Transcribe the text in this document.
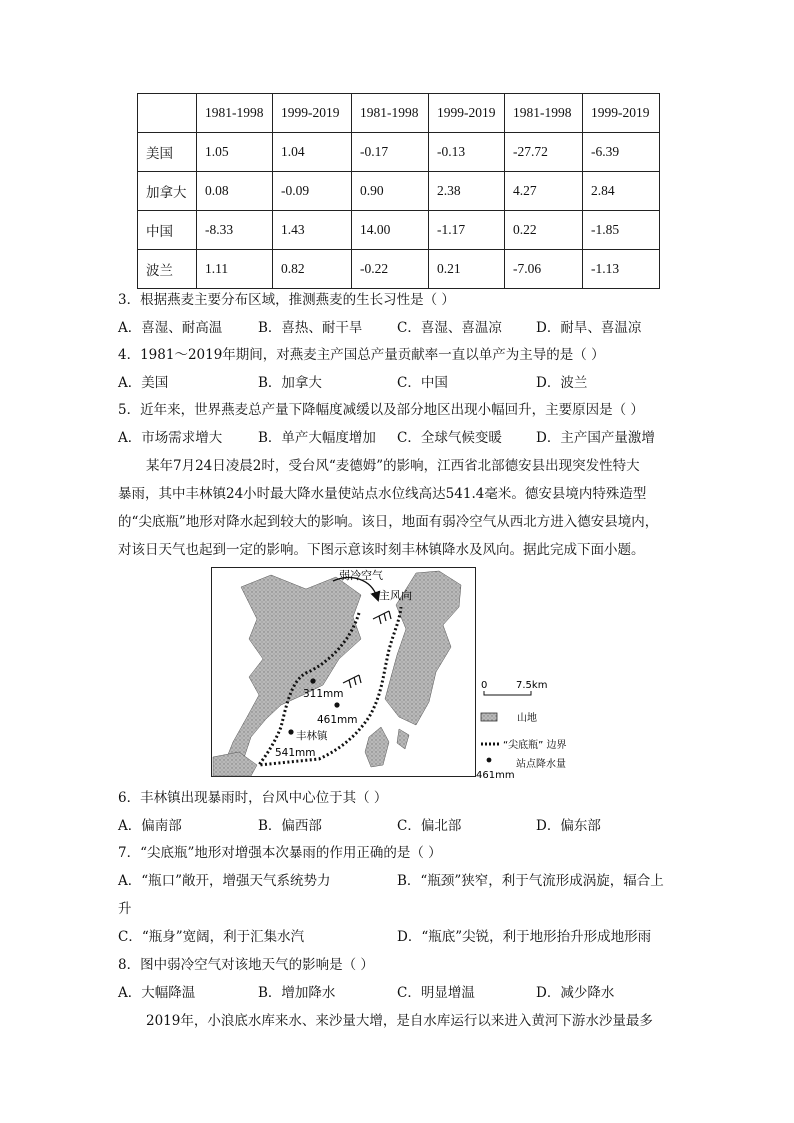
	1981-1998	1999-2019	1981-1998	1999-2019	1981-1998	1999-2019
美国	1.05	1.04	-0.17	-0.13	-27.72	-6.39
加拿大	0.08	-0.09	0.90	2.38	4.27	2.84
中国	-8.33	1.43	14.00	-1.17	0.22	-1.85
波兰	1.11	0.82	-0.22	0.21	-7.06	-1.13
3．根据燕麦主要分布区域，推测燕麦的生长习性是（ ）
A．喜湿、耐高温	B．喜热、耐干旱	C．喜湿、喜温凉	D．耐旱、喜温凉
4．1981～2019年期间，对燕麦主产国总产量贡献率一直以单产为主导的是（ ）
A．美国	B．加拿大	C．中国	D．波兰
5．近年来，世界燕麦总产量下降幅度减缓以及部分地区出现小幅回升，主要原因是（ ）
A．市场需求增大	B．单产大幅度增加 C．全球气候变暖	D．主产国产量激增
某年7月24日凌晨2时，受台风“麦德姆”的影响，江西省北部德安县出现突发性特大
暴雨，其中丰林镇24小时最大降水量使站点水位线高达541.4毫米。德安县境内特殊造型
的“尖底瓶”地形对降水起到较大的影响。该日，地面有弱冷空气从西北方进入德安县境内，
对该日天气也起到一定的影响。下图示意该时刻丰林镇降水及风向。据此完成下面小题。
弱冷空气
主风向
311mm
461mm
丰林镇
541mm
0	7.5km
山地
“尖底瓶” 边界
站点降水量
461mm
6．丰林镇出现暴雨时，台风中心位于其（ ）
A．偏南部	B．偏西部	C．偏北部	D．偏东部
7．“尖底瓶”地形对增强本次暴雨的作用正确的是（ ）
A．“瓶口”敞开，增强天气系统势力	B．“瓶颈”狭窄，利于气流形成涡旋，辐合上
升
C．“瓶身”宽阔，利于汇集水汽	D．“瓶底”尖锐，利于地形抬升形成地形雨
8．图中弱冷空气对该地天气的影响是（ ）
A．大幅降温	B．增加降水	C．明显增温	D．减少降水
2019年，小浪底水库来水、来沙量大增，是自水库运行以来进入黄河下游水沙量最多
